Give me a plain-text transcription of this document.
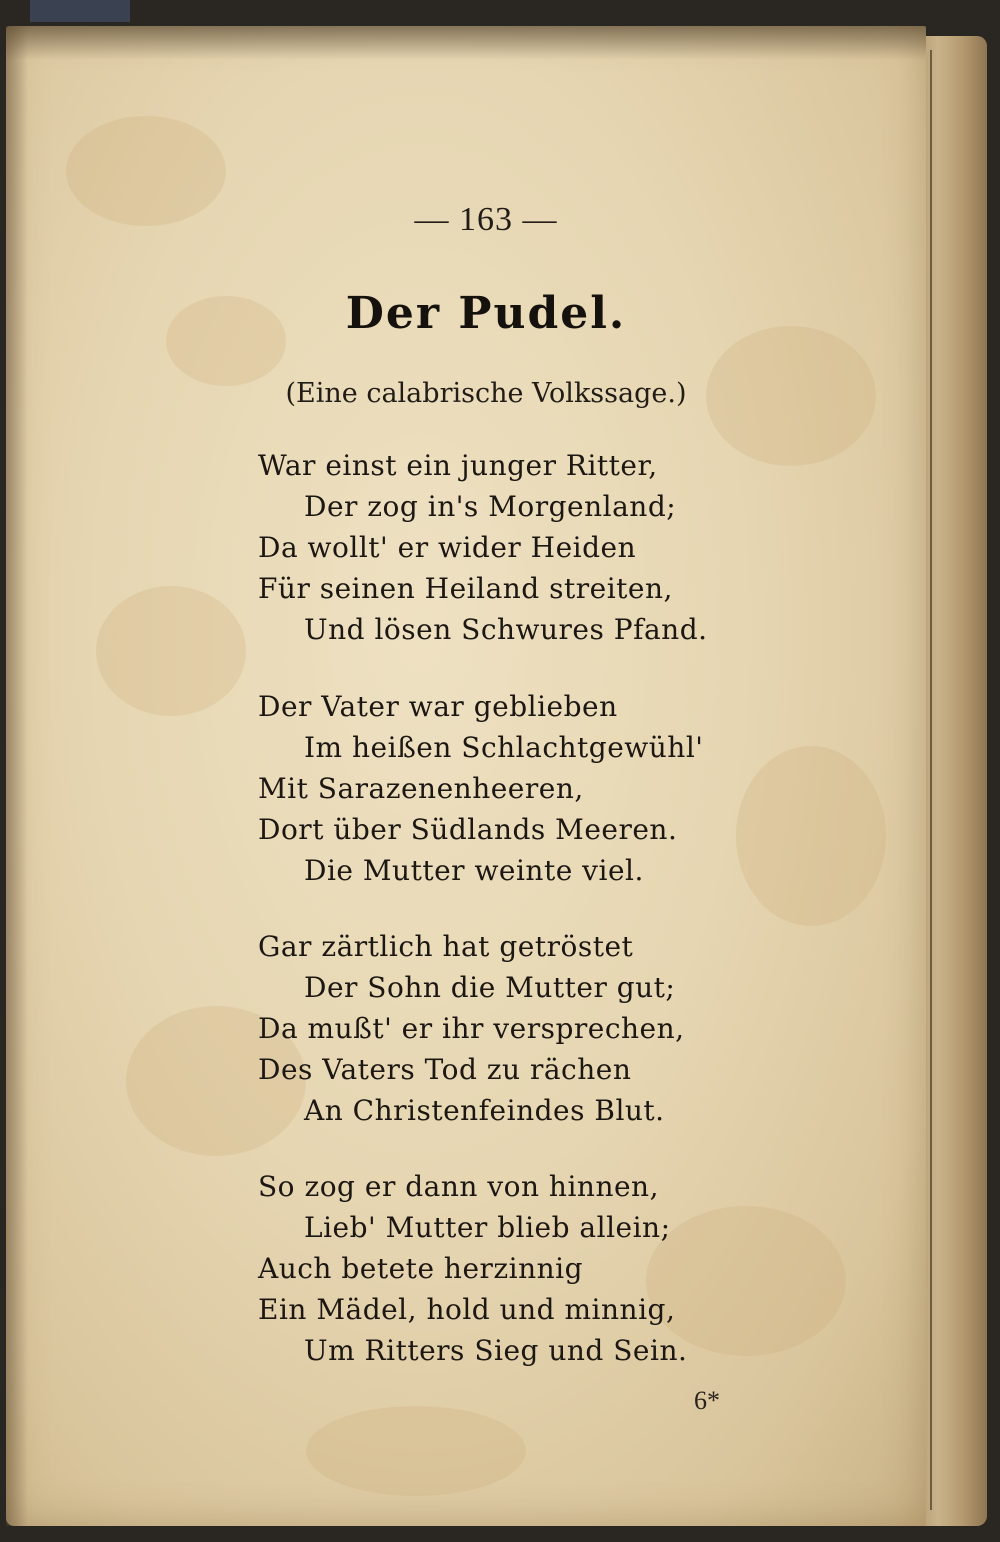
— 163 —
Der Pudel.
(Eine calabrische Volkssage.)
War einst ein junger Ritter,
Der zog in's Morgenland;
Da wollt' er wider Heiden
Für seinen Heiland streiten,
Und lösen Schwures Pfand.
Der Vater war geblieben
Im heißen Schlachtgewühl'
Mit Sarazenenheeren,
Dort über Südlands Meeren.
Die Mutter weinte viel.
Gar zärtlich hat getröstet
Der Sohn die Mutter gut;
Da mußt' er ihr versprechen,
Des Vaters Tod zu rächen
An Christenfeindes Blut.
So zog er dann von hinnen,
Lieb' Mutter blieb allein;
Auch betete herzinnig
Ein Mädel, hold und minnig,
Um Ritters Sieg und Sein.
6*
